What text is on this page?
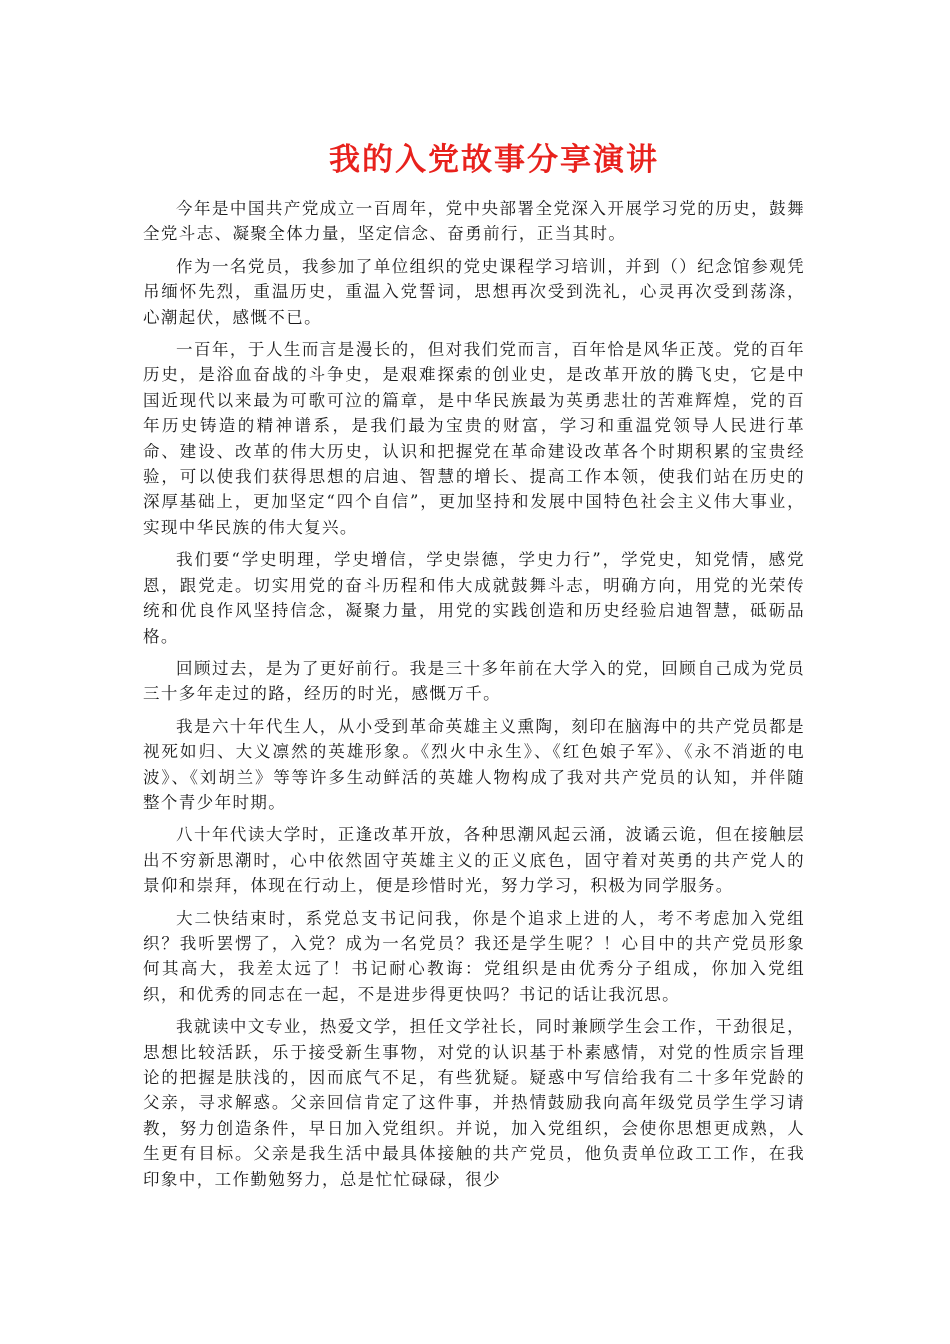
我的入党故事分享演讲

今年是中国共产党成立一百周年，党中央部署全党深入开展学习党的历史，鼓舞全党斗志、凝聚全体力量，坚定信念、奋勇前行，正当其时。

作为一名党员，我参加了单位组织的党史课程学习培训，并到（）纪念馆参观凭吊缅怀先烈，重温历史，重温入党誓词，思想再次受到洗礼，心灵再次受到荡涤，心潮起伏，感慨不已。

一百年，于人生而言是漫长的，但对我们党而言，百年恰是风华正茂。党的百年历史，是浴血奋战的斗争史，是艰难探索的创业史，是改革开放的腾飞史，它是中国近现代以来最为可歌可泣的篇章，是中华民族最为英勇悲壮的苦难辉煌，党的百年历史铸造的精神谱系，是我们最为宝贵的财富，学习和重温党领导人民进行革命、建设、改革的伟大历史，认识和把握党在革命建设改革各个时期积累的宝贵经验，可以使我们获得思想的启迪、智慧的增长、提高工作本领，使我们站在历史的深厚基础上，更加坚定“四个自信”，更加坚持和发展中国特色社会主义伟大事业，实现中华民族的伟大复兴。

我们要“学史明理，学史增信，学史崇德，学史力行”，学党史，知党情，感党恩，跟党走。切实用党的奋斗历程和伟大成就鼓舞斗志，明确方向，用党的光荣传统和优良作风坚持信念，凝聚力量，用党的实践创造和历史经验启迪智慧，砥砺品格。

回顾过去，是为了更好前行。我是三十多年前在大学入的党，回顾自己成为党员三十多年走过的路，经历的时光，感慨万千。

我是六十年代生人，从小受到革命英雄主义熏陶，刻印在脑海中的共产党员都是视死如归、大义凛然的英雄形象。《烈火中永生》、《红色娘子军》、《永不消逝的电波》、《刘胡兰》等等许多生动鲜活的英雄人物构成了我对共产党员的认知，并伴随整个青少年时期。

八十年代读大学时，正逢改革开放，各种思潮风起云涌，波谲云诡，但在接触层出不穷新思潮时，心中依然固守英雄主义的正义底色，固守着对英勇的共产党人的景仰和崇拜，体现在行动上，便是珍惜时光，努力学习，积极为同学服务。

大二快结束时，系党总支书记问我，你是个追求上进的人，考不考虑加入党组织？我听罢愣了，入党？成为一名党员？我还是学生呢？！心目中的共产党员形象何其高大，我差太远了！书记耐心教诲：党组织是由优秀分子组成，你加入党组织，和优秀的同志在一起，不是进步得更快吗？书记的话让我沉思。

我就读中文专业，热爱文学，担任文学社长，同时兼顾学生会工作，干劲很足，思想比较活跃，乐于接受新生事物，对党的认识基于朴素感情，对党的性质宗旨理论的把握是肤浅的，因而底气不足，有些犹疑。疑惑中写信给我有二十多年党龄的父亲，寻求解惑。父亲回信肯定了这件事，并热情鼓励我向高年级党员学生学习请教，努力创造条件，早日加入党组织。并说，加入党组织，会使你思想更成熟，人生更有目标。父亲是我生活中最具体接触的共产党员，他负责单位政工工作，在我印象中，工作勤勉努力，总是忙忙碌碌，很少
